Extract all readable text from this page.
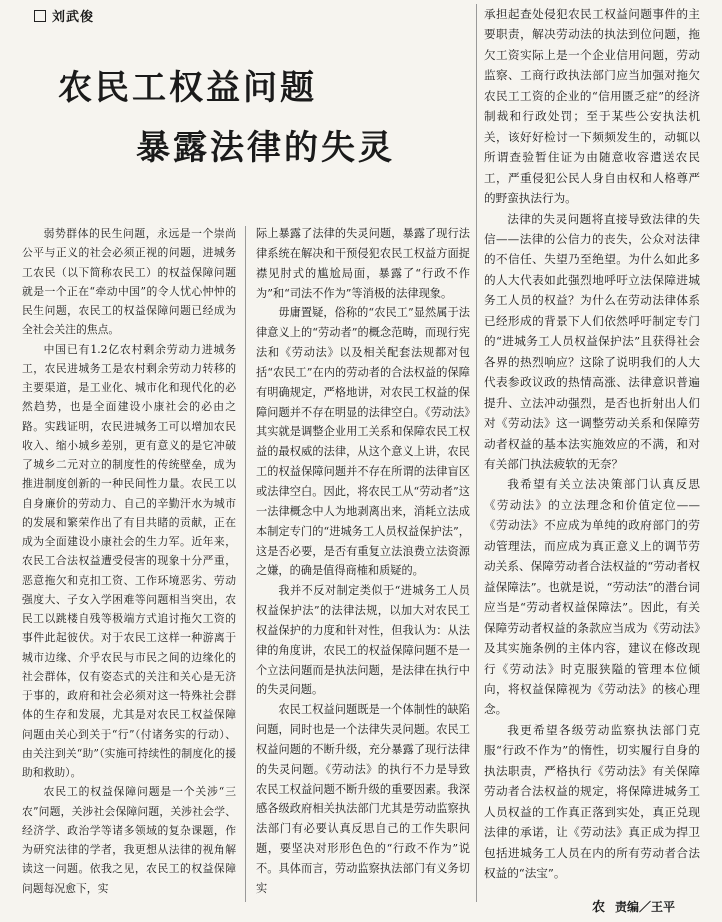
刘武俊
农民工权益问题
暴露法律的失灵

弱势群体的民生问题，永远是一个崇尚公平与正义的社会必须正视的问题，进城务工农民（以下简称农民工）的权益保障问题就是一个正在“牵动中国”的令人忧心忡忡的民生问题，农民工的权益保障问题已经成为全社会关注的焦点。

中国已有1.2亿农村剩余劳动力进城务工，农民进城务工是农村剩余劳动力转移的主要渠道，是工业化、城市化和现代化的必然趋势，也是全面建设小康社会的必由之路。实践证明，农民进城务工可以增加农民收入、缩小城乡差别，更有意义的是它冲破了城乡二元对立的制度性的传统壁垒，成为推进制度创新的一种民间性力量。农民工以自身廉价的劳动力、自己的辛勤汗水为城市的发展和繁荣作出了有目共睹的贡献，正在成为全面建设小康社会的生力军。近年来，农民工合法权益遭受侵害的现象十分严重，恶意拖欠和克扣工资、工作环境恶劣、劳动强度大、子女入学困难等问题相当突出，农民工以跳楼自残等极端方式追讨拖欠工资的事件此起彼伏。对于农民工这样一种游离于城市边缘、介乎农民与市民之间的边缘化的社会群体，仅有姿态式的关注和关心是无济于事的，政府和社会必须对这一特殊社会群体的生存和发展，尤其是对农民工权益保障问题由关心到关于“行”（付诸务实的行动）、由关注到关“助”（实施可持续性的制度化的援助和救助）。

农民工的权益保障问题是一个关涉“三农”问题，关涉社会保障问题，关涉社会学、经济学、政治学等诸多领域的复杂课题，作为研究法律的学者，我更想从法律的视角解读这一问题。依我之见，农民工的权益保障问题每况愈下，实

际上暴露了法律的失灵问题，暴露了现行法律系统在解决和干预侵犯农民工权益方面捉襟见肘式的尴尬局面，暴露了“行政不作为”和“司法不作为”等消极的法律现象。

毋庸置疑，俗称的“农民工”显然属于法律意义上的“劳动者”的概念范畴，而现行宪法和《劳动法》以及相关配套法规都对包括“农民工”在内的劳动者的合法权益的保障有明确规定，严格地讲，对农民工权益的保障问题并不存在明显的法律空白。《劳动法》其实就是调整企业用工关系和保障农民工权益的最权威的法律，从这个意义上讲，农民工的权益保障问题并不存在所谓的法律盲区或法律空白。因此，将农民工从“劳动者”这一法律概念中人为地剥离出来，消耗立法成本制定专门的“进城务工人员权益保护法”，这是否必要，是否有重复立法浪费立法资源之嫌，的确是值得商榷和质疑的。

我并不反对制定类似于“进城务工人员权益保护法”的法律法规，以加大对农民工权益保护的力度和针对性，但我认为：从法律的角度讲，农民工的权益保障问题不是一个立法问题而是执法问题，是法律在执行中的失灵问题。

农民工权益问题既是一个体制性的缺陷问题，同时也是一个法律失灵问题。农民工权益问题的不断升级，充分暴露了现行法律的失灵问题。《劳动法》的执行不力是导致农民工权益问题不断升级的重要因素。我深感各级政府相关执法部门尤其是劳动监察执法部门有必要认真反思自己的工作失职问题，要坚决对形形色色的“行政不作为”说不。具体而言，劳动监察执法部门有义务切实

承担起查处侵犯农民工权益问题事件的主要职责，解决劳动法的执法到位问题，拖欠工资实际上是一个企业信用问题，劳动监察、工商行政执法部门应当加强对拖欠农民工工资的企业的“信用匮乏症”的经济制裁和行政处罚；至于某些公安执法机关，该好好检讨一下频频发生的，动辄以所谓查验暂住证为由随意收容遣送农民工，严重侵犯公民人身自由权和人格尊严的野蛮执法行为。

法律的失灵问题将直接导致法律的失信——法律的公信力的丧失，公众对法律的不信任、失望乃至绝望。为什么如此多的人大代表如此强烈地呼吁立法保障进城务工人员的权益？为什么在劳动法律体系已经形成的背景下人们依然呼吁制定专门的“进城务工人员权益保护法”且获得社会各界的热烈响应？这除了说明我们的人大代表参政议政的热情高涨、法律意识普遍提升、立法冲动强烈，是否也折射出人们对《劳动法》这一调整劳动关系和保障劳动者权益的基本法实施效应的不满，和对有关部门执法疲软的无奈？

我希望有关立法决策部门认真反思《劳动法》的立法理念和价值定位——《劳动法》不应成为单纯的政府部门的劳动管理法，而应成为真正意义上的调节劳动关系、保障劳动者合法权益的“劳动者权益保障法”。也就是说，“劳动法”的潜台词应当是“劳动者权益保障法”。因此，有关保障劳动者权益的条款应当成为《劳动法》及其实施条例的主体内容，建议在修改现行《劳动法》时克服狭隘的管理本位倾向，将权益保障视为《劳动法》的核心理念。

我更希望各级劳动监察执法部门克服“行政不作为”的惰性，切实履行自身的执法职责，严格执行《劳动法》有关保障劳动者合法权益的规定，将保障进城务工人员权益的工作真正落到实处，真正兑现法律的承诺，让《劳动法》真正成为捍卫包括进城务工人员在内的所有劳动者合法权益的“法宝”。

农 责编／王平
